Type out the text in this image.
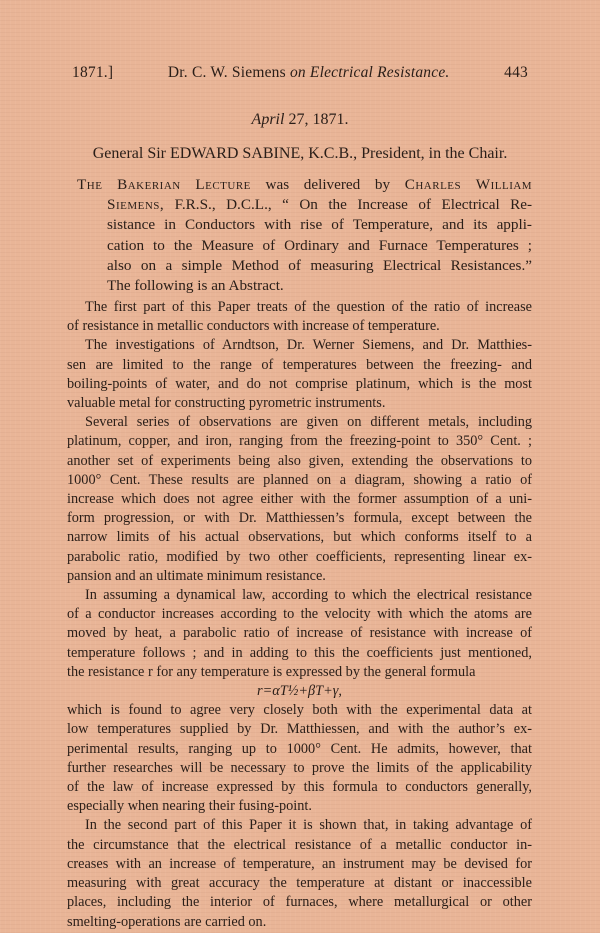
1871.]	Dr. C. W. Siemens on Electrical Resistance.	443
April 27, 1871.
General Sir EDWARD SABINE, K.C.B., President, in the Chair.
The Bakerian Lecture was delivered by Charles William
Siemens, F.R.S., D.C.L., “ On the Increase of Electrical Re-
sistance in Conductors with rise of Temperature, and its appli-
cation to the Measure of Ordinary and Furnace Temperatures ;
also on a simple Method of measuring Electrical Resistances.”
The following is an Abstract.
The first part of this Paper treats of the question of the ratio of increase
of resistance in metallic conductors with increase of temperature.
The investigations of Arndtson, Dr. Werner Siemens, and Dr. Matthies-
sen are limited to the range of temperatures between the freezing- and
boiling-points of water, and do not comprise platinum, which is the most
valuable metal for constructing pyrometric instruments.
Several series of observations are given on different metals, including
platinum, copper, and iron, ranging from the freezing-point to 350° Cent. ;
another set of experiments being also given, extending the observations to
1000° Cent. These results are planned on a diagram, showing a ratio of
increase which does not agree either with the former assumption of a uni-
form progression, or with Dr. Matthiessen’s formula, except between the
narrow limits of his actual observations, but which conforms itself to a
parabolic ratio, modified by two other coefficients, representing linear ex-
pansion and an ultimate minimum resistance.
In assuming a dynamical law, according to which the electrical resistance
of a conductor increases according to the velocity with which the atoms are
moved by heat, a parabolic ratio of increase of resistance with increase of
temperature follows ; and in adding to this the coefficients just mentioned,
the resistance r for any temperature is expressed by the general formula
r=αT½+βT+γ,
which is found to agree very closely both with the experimental data at
low temperatures supplied by Dr. Matthiessen, and with the author’s ex-
perimental results, ranging up to 1000° Cent. He admits, however, that
further researches will be necessary to prove the limits of the applicability
of the law of increase expressed by this formula to conductors generally,
especially when nearing their fusing-point.
In the second part of this Paper it is shown that, in taking advantage of
the circumstance that the electrical resistance of a metallic conductor in-
creases with an increase of temperature, an instrument may be devised for
measuring with great accuracy the temperature at distant or inaccessible
places, including the interior of furnaces, where metallurgical or other
smelting-operations are carried on.
